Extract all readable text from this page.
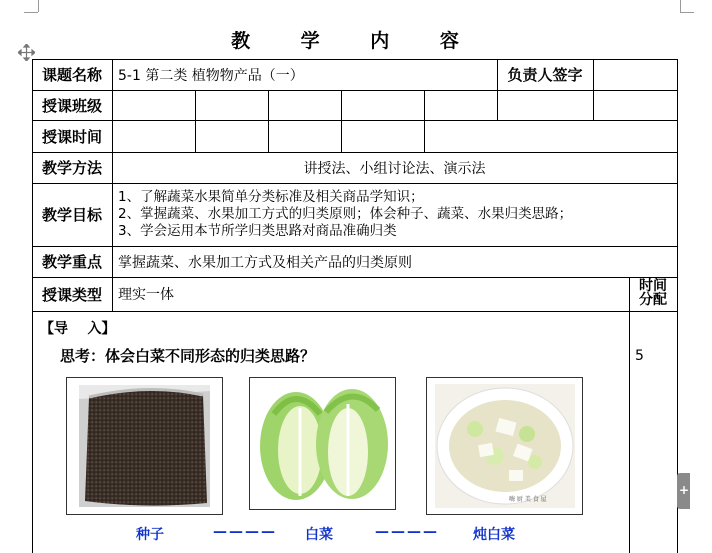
教 学 内 容
课题名称	5-1 第二类 植物物产品（一）	负责人签字
授课班级
授课时间
教学方法	讲授法、小组讨论法、演示法
教学目标
1、了解蔬菜水果简单分类标准及相关商品学知识；
2、掌握蔬菜、水果加工方式的归类原则；体会种子、蔬菜、水果归类思路；
3、学会运用本节所学归类思路对商品准确归类
教学重点	掌握蔬菜、水果加工方式及相关产品的归类原则
授课类型	理实一体
时间
分配
【导    入】
思考：体会白菜不同形态的归类思路？	5
嗨 厨 美 食 屋
种子	———— 白菜	———— 炖白菜
+
